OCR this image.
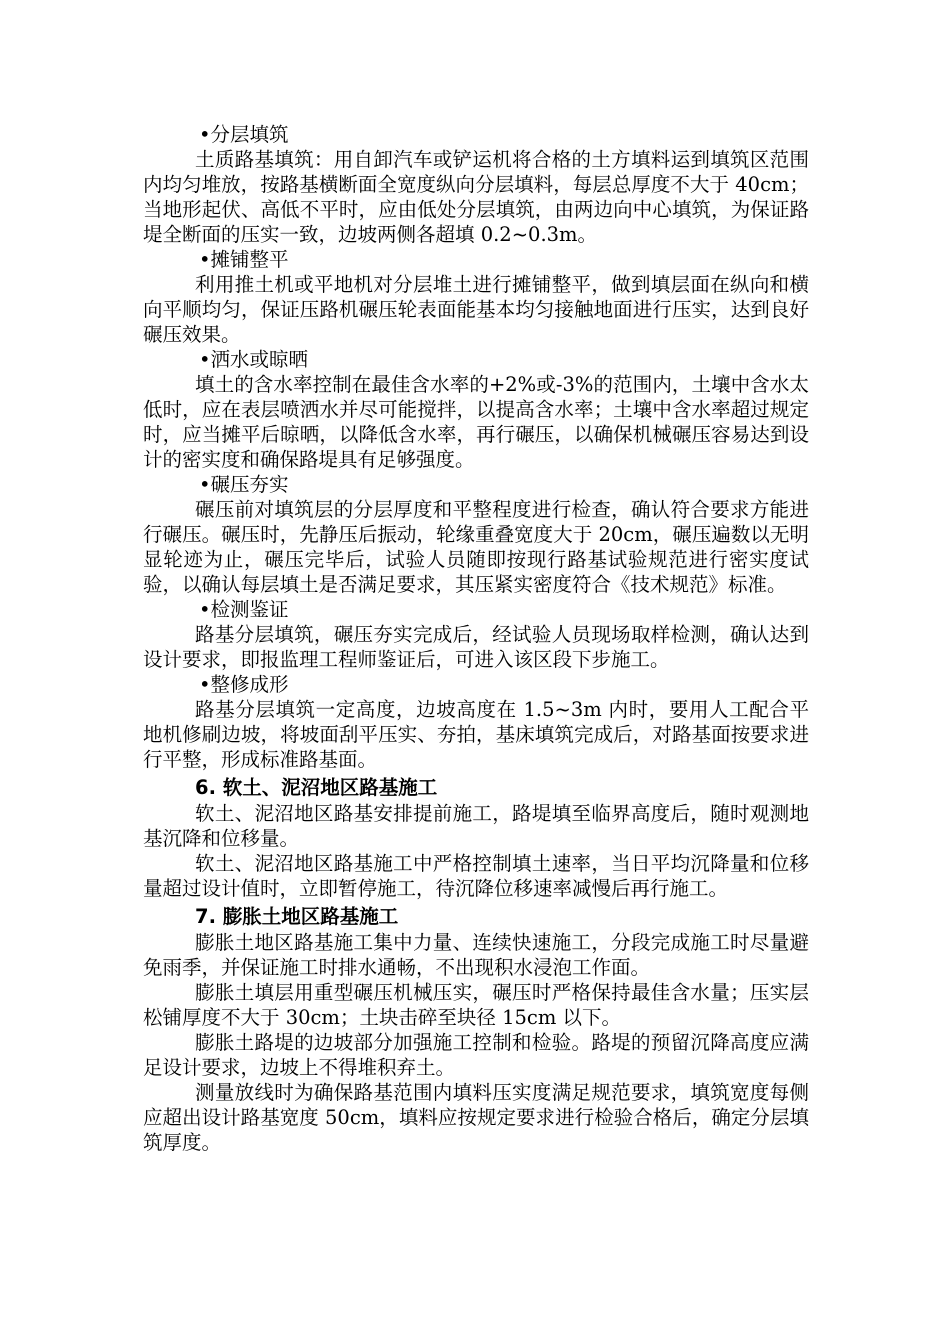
•分层填筑

土质路基填筑：用自卸汽车或铲运机将合格的土方填料运到填筑区范围内均匀堆放，按路基横断面全宽度纵向分层填料，每层总厚度不大于 40cm；当地形起伏、高低不平时，应由低处分层填筑，由两边向中心填筑，为保证路堤全断面的压实一致，边坡两侧各超填 0.2~0.3m。

•摊铺整平

利用推土机或平地机对分层堆土进行摊铺整平，做到填层面在纵向和横向平顺均匀，保证压路机碾压轮表面能基本均匀接触地面进行压实，达到良好碾压效果。

•洒水或晾晒

填土的含水率控制在最佳含水率的+2%或-3%的范围内，土壤中含水太低时，应在表层喷洒水并尽可能搅拌，以提高含水率；土壤中含水率超过规定时，应当摊平后晾晒，以降低含水率，再行碾压，以确保机械碾压容易达到设计的密实度和确保路堤具有足够强度。

•碾压夯实

碾压前对填筑层的分层厚度和平整程度进行检查，确认符合要求方能进行碾压。碾压时，先静压后振动，轮缘重叠宽度大于 20cm，碾压遍数以无明显轮迹为止，碾压完毕后，试验人员随即按现行路基试验规范进行密实度试验，以确认每层填土是否满足要求，其压紧实密度符合《技术规范》标准。

•检测鉴证

路基分层填筑，碾压夯实完成后，经试验人员现场取样检测，确认达到设计要求，即报监理工程师鉴证后，可进入该区段下步施工。

•整修成形

路基分层填筑一定高度，边坡高度在 1.5~3m 内时，要用人工配合平地机修刷边坡，将坡面刮平压实、夯拍，基床填筑完成后，对路基面按要求进行平整，形成标准路基面。

6. 软土、泥沼地区路基施工

软土、泥沼地区路基安排提前施工，路堤填至临界高度后，随时观测地基沉降和位移量。

软土、泥沼地区路基施工中严格控制填土速率，当日平均沉降量和位移量超过设计值时，立即暂停施工，待沉降位移速率减慢后再行施工。

7. 膨胀土地区路基施工

膨胀土地区路基施工集中力量、连续快速施工，分段完成施工时尽量避免雨季，并保证施工时排水通畅，不出现积水浸泡工作面。

膨胀土填层用重型碾压机械压实，碾压时严格保持最佳含水量；压实层松铺厚度不大于 30cm；土块击碎至块径 15cm 以下。

膨胀土路堤的边坡部分加强施工控制和检验。路堤的预留沉降高度应满足设计要求，边坡上不得堆积弃土。

测量放线时为确保路基范围内填料压实度满足规范要求，填筑宽度每侧应超出设计路基宽度 50cm，填料应按规定要求进行检验合格后，确定分层填筑厚度。
